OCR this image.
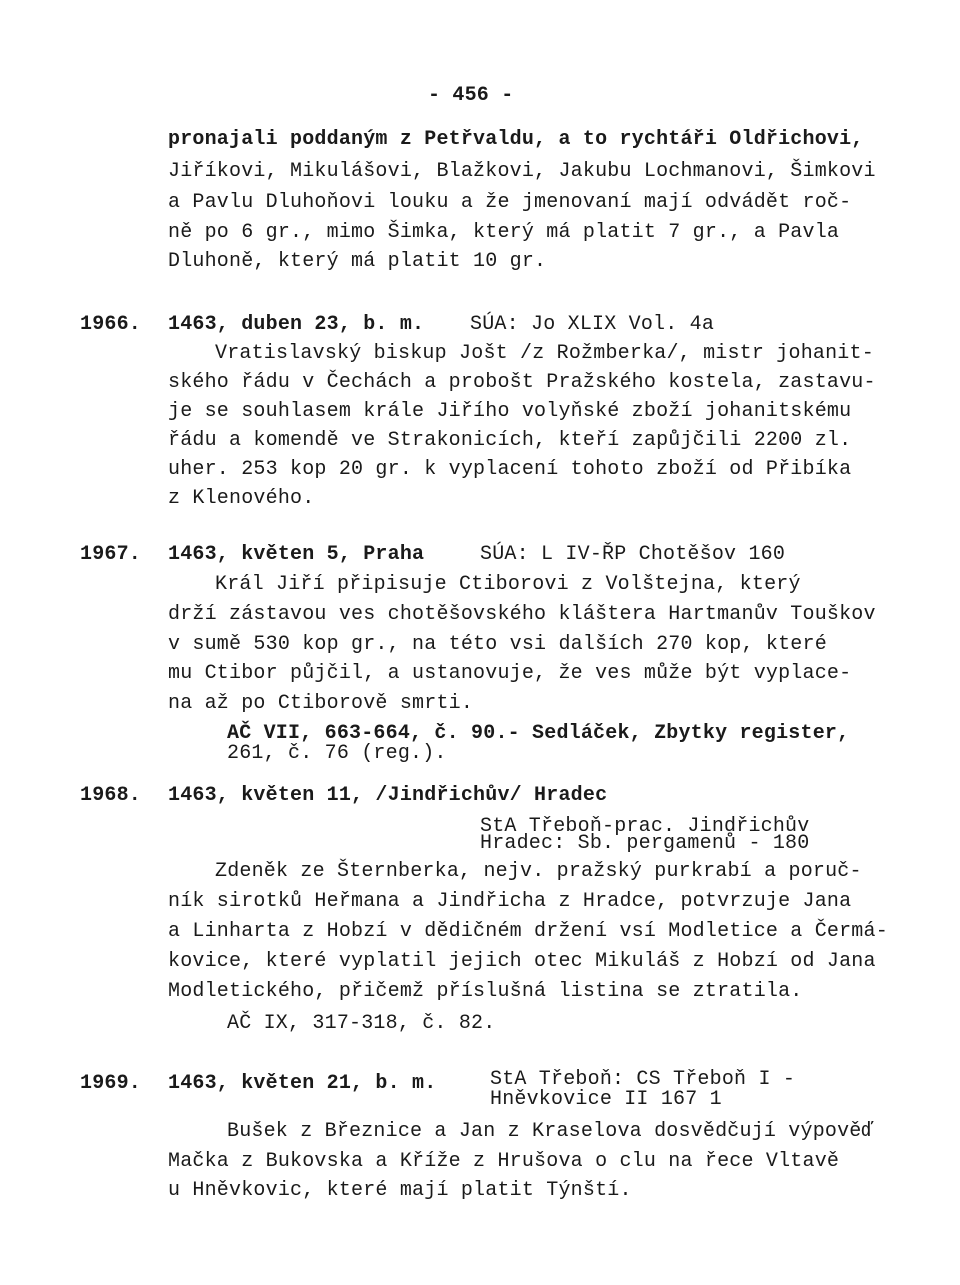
- 456 -
pronajali poddaným z Petřvaldu, a to rychtáři Oldřichovi,
Jiříkovi, Mikulášovi, Blažkovi, Jakubu Lochmanovi, Šimkovi
a Pavlu Dluhoňovi louku a že jmenovaní mají odvádět roč-
ně po 6 gr., mimo Šimka, který má platit 7 gr., a Pavla
Dluhoně, který má platit 10 gr.
1966. 1463, duben 23, b. m. SÚA: Jo XLIX Vol. 4a
Vratislavský biskup Jošt /z Rožmberka/, mistr johanit-
ského řádu v Čechách a probošt Pražského kostela, zastavu-
je se souhlasem krále Jiřího volyňské zboží johanitskému
řádu a komendě ve Strakonicích, kteří zapůjčili 2200 zl.
uher. 253 kop 20 gr. k vyplacení tohoto zboží od Přibíka
z Klenového.
1967. 1463, květen 5, Praha	SÚA: L IV-ŘP Chotěšov 160
Král Jiří připisuje Ctiborovi z Volštejna, který
drží zástavou ves chotěšovského kláštera Hartmanův Touškov
v sumě 530 kop gr., na této vsi dalších 270 kop, které
mu Ctibor půjčil, a ustanovuje, že ves může být vyplace-
na až po Ctiborově smrti.
AČ VII, 663-664, č. 90.- Sedláček, Zbytky register,
261, č. 76 (reg.).
1968. 1463, květen 11, /Jindřichův/ Hradec
StA Třeboň-prac. Jindřichův
Hradec: Sb. pergamenů - 180
Zdeněk ze Šternberka, nejv. pražský purkrabí a poruč-
ník sirotků Heřmana a Jindřicha z Hradce, potvrzuje Jana
a Linharta z Hobzí v dědičném držení vsí Modletice a Čermá-
kovice, které vyplatil jejich otec Mikuláš z Hobzí od Jana
Modletického, přičemž příslušná listina se ztratila.
AČ IX, 317-318, č. 82.
1969. 1463, květen 21, b. m.	StA Třeboň: CS Třeboň I -
Hněvkovice II 167 1
Bušek z Březnice a Jan z Kraselova dosvědčují výpověď
Mačka z Bukovska a Kříže z Hrušova o clu na řece Vltavě
u Hněvkovic, které mají platit Týnští.
